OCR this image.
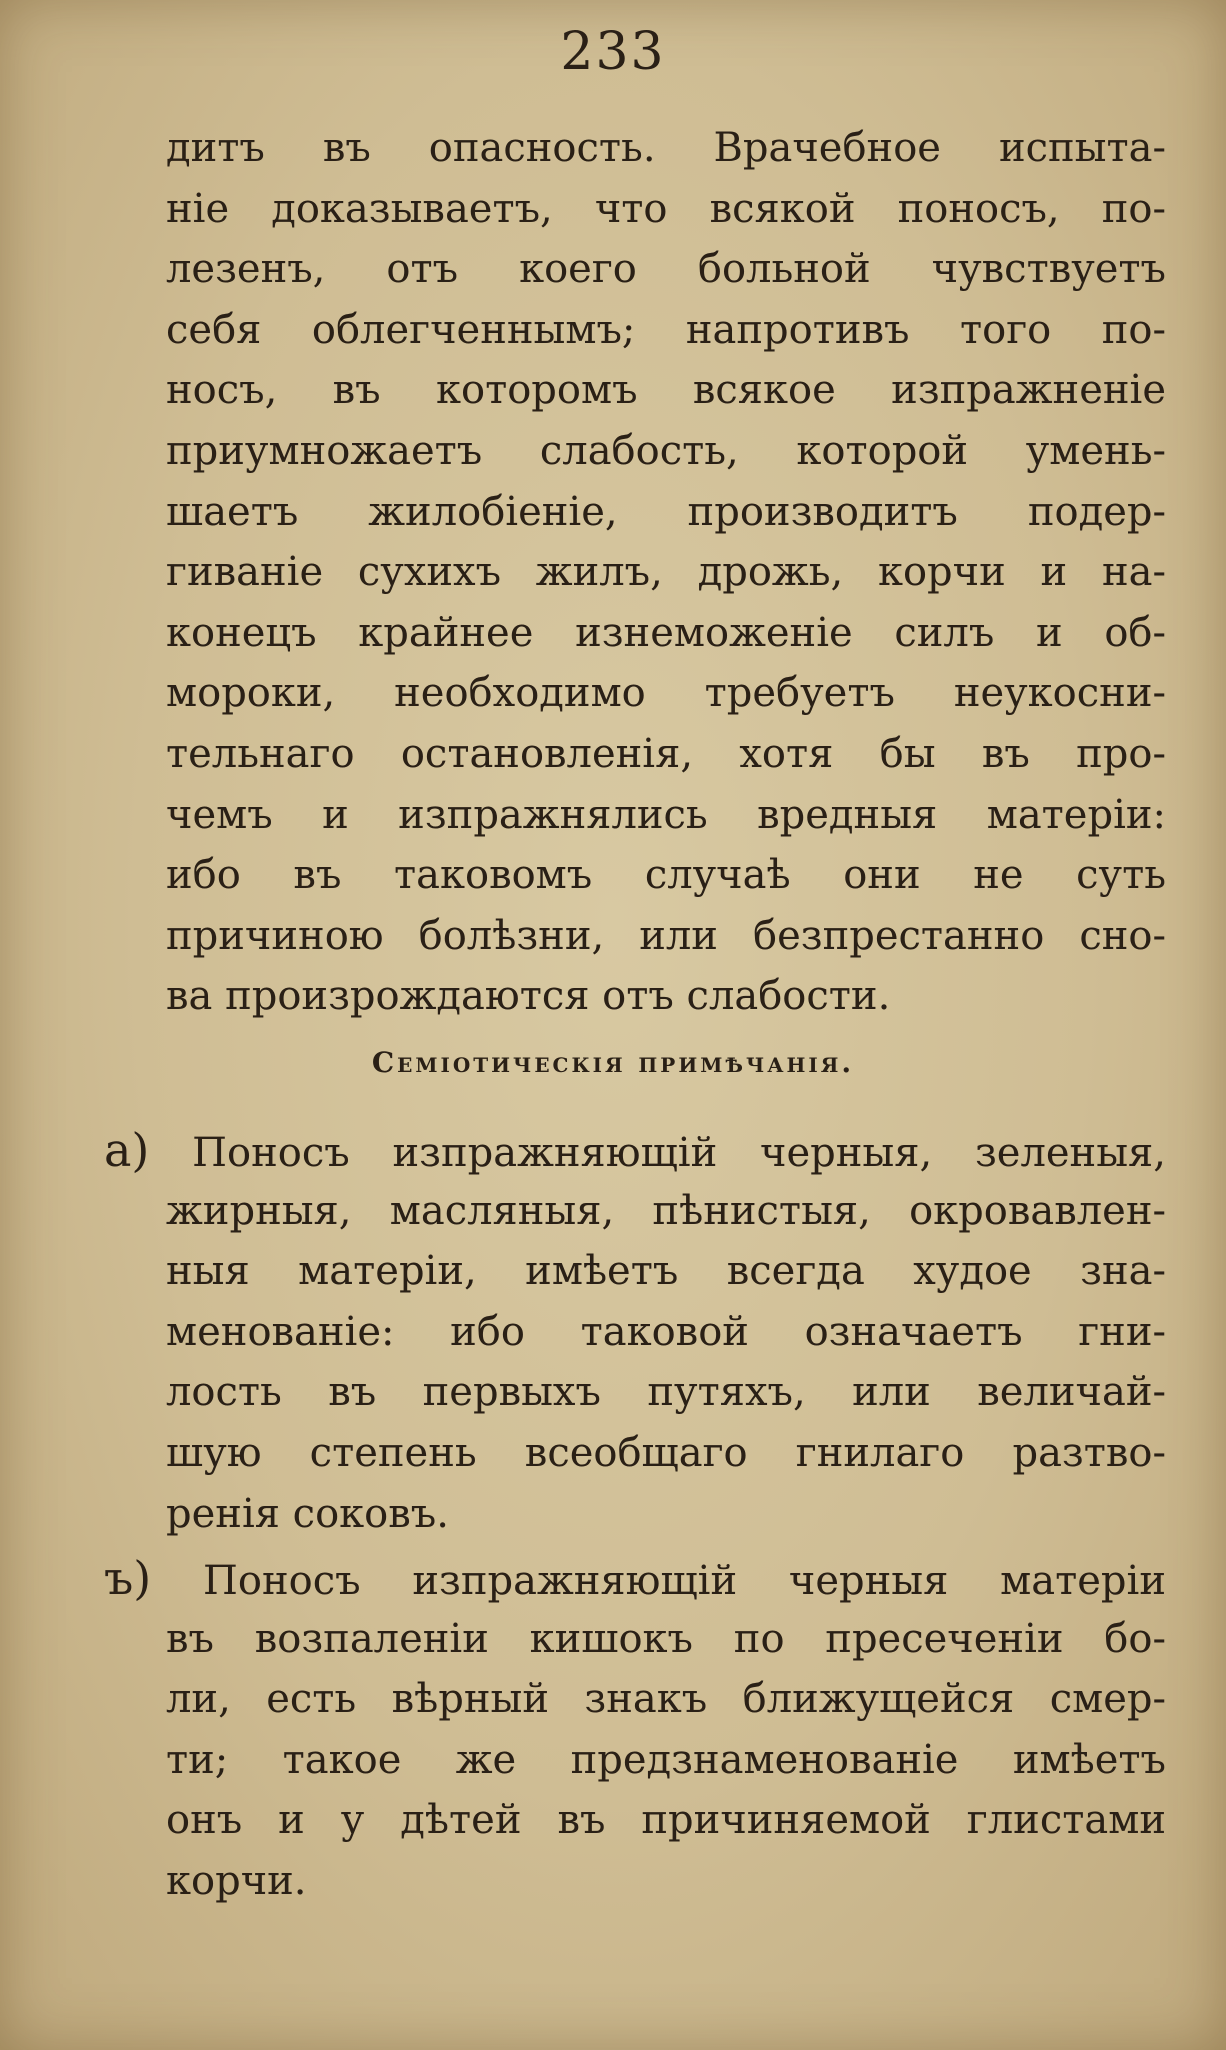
233
дитъ въ опасность. Врачебное испыта-
ніе доказываетъ, что всякой поносъ, по-
лезенъ, отъ коего больной чувствуетъ
себя облегченнымъ; напротивъ того по-
носъ, въ которомъ всякое изпражненіе
приумножаетъ слабость, которой умень-
шаетъ жилобіеніе, производитъ подер-
гиваніе сухихъ жилъ, дрожь, корчи и на-
конецъ крайнее изнеможеніе силъ и об-
мороки, необходимо требуетъ неукосни-
тельнаго остановленія, хотя бы въ про-
чемъ и изпражнялись вредныя матеріи:
ибо въ таковомъ случаѣ они не суть
причиною болѣзни, или безпрестанно сно-
ва произрождаются отъ слабости.
Семіотическія примѣчанія.
а) Поносъ изпражняющій черныя, зеленыя,
жирныя, масляныя, пѣнистыя, окровавлен-
ныя матеріи, имѣетъ всегда худое зна-
менованіе: ибо таковой означаетъ гни-
лость въ первыхъ путяхъ, или величай-
шую степень всеобщаго гнилаго разтво-
ренія соковъ.
ъ) Поносъ изпражняющій черныя матеріи
въ возпаленіи кишокъ по пресеченіи бо-
ли, есть вѣрный знакъ ближущейся смер-
ти; такое же предзнаменованіе имѣетъ
онъ и у дѣтей въ причиняемой глистами
корчи.
